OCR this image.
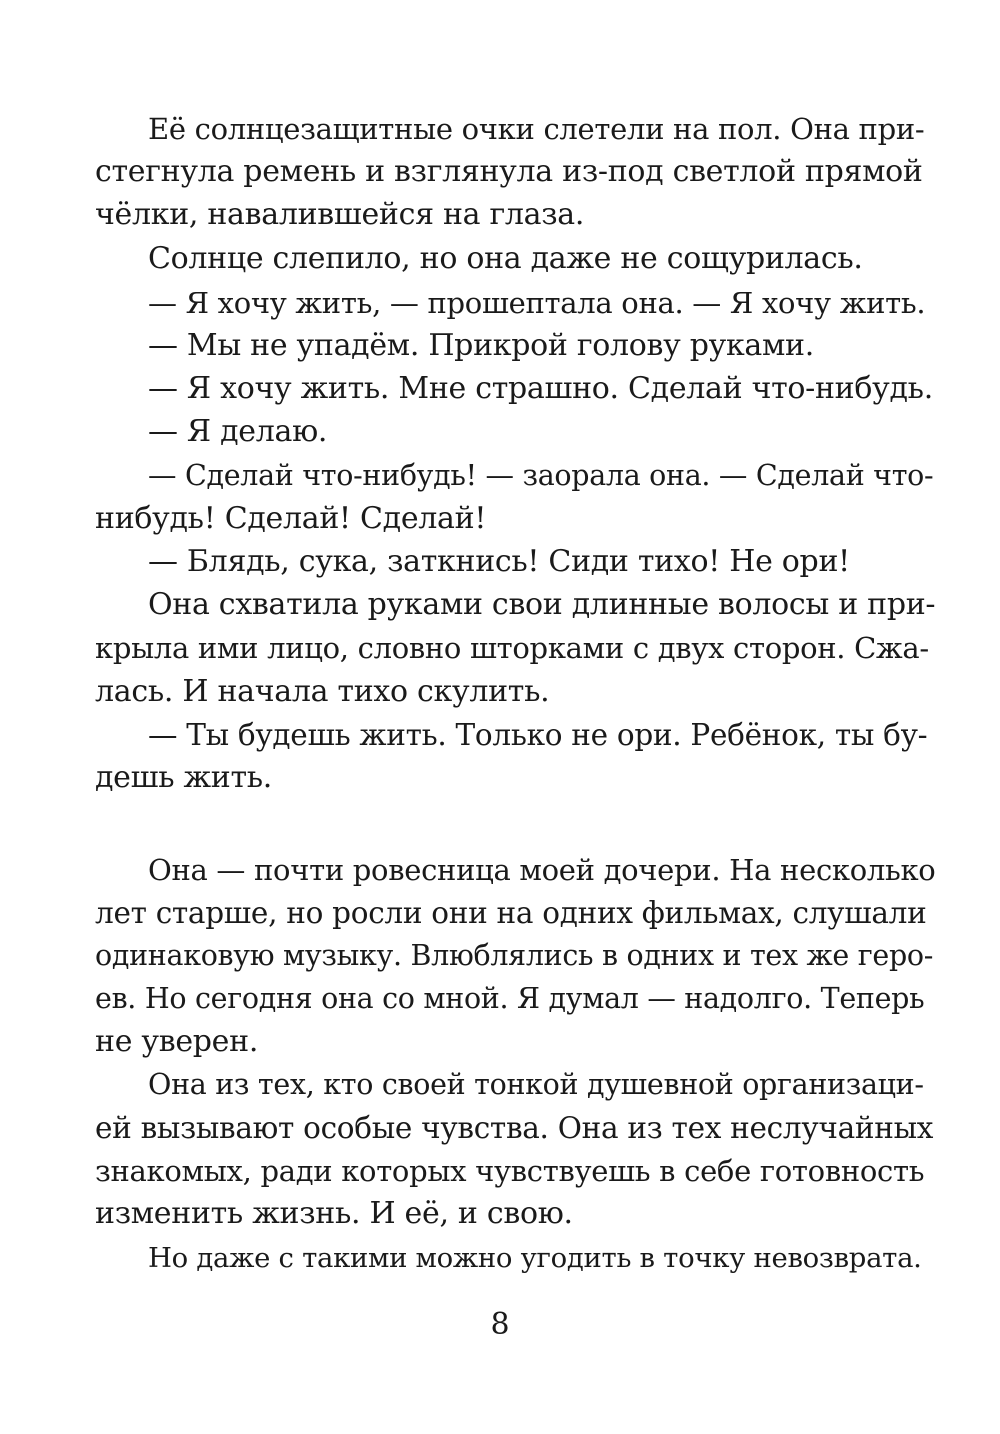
Её солнцезащитные очки слетели на пол. Она при-
стегнула ремень и взглянула из-под светлой прямой
чёлки, навалившейся на глаза.
Солнце слепило, но она даже не сощурилась.
— Я хочу жить, — прошептала она. — Я хочу жить.
— Мы не упадём. Прикрой голову руками.
— Я хочу жить. Мне страшно. Сделай что-нибудь.
— Я делаю.
— Сделай что-нибудь! — заорала она. — Сделай что-
нибудь! Сделай! Сделай!
— Блядь, сука, заткнись! Сиди тихо! Не ори!
Она схватила руками свои длинные волосы и при-
крыла ими лицо, словно шторками с двух сторон. Сжа-
лась. И начала тихо скулить.
— Ты будешь жить. Только не ори. Ребёнок, ты бу-
дешь жить.
Она — почти ровесница моей дочери. На несколько
лет старше, но росли они на одних фильмах, слушали
одинаковую музыку. Влюблялись в одних и тех же геро-
ев. Но сегодня она со мной. Я думал — надолго. Теперь
не уверен.
Она из тех, кто своей тонкой душевной организаци-
ей вызывают особые чувства. Она из тех неслучайных
знакомых, ради которых чувствуешь в себе готовность
изменить жизнь. И её, и свою.
Но даже с такими можно угодить в точку невозврата.
8
